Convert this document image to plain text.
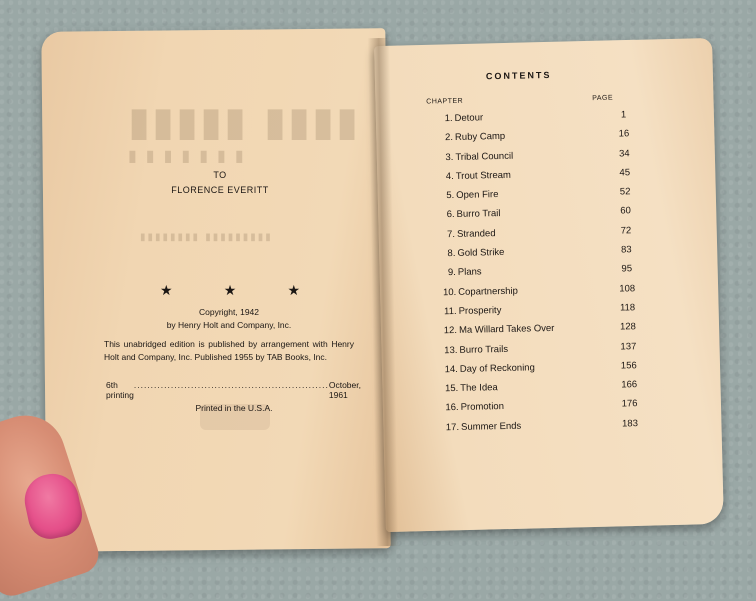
▮▮▮▮▮ ▮▮▮▮
▮▮▮▮▮▮▮
▮▮▮▮▮▮▮▮ ▮▮▮▮▮▮▮▮▮
TO
FLORENCE EVERITT
★	★	★
Copyright, 1942
by Henry Holt and Company, Inc.
This unabridged edition is published by arrangement with Henry Holt and Company, Inc. Published 1955 by TAB Books, Inc.
6th printing
.......................................................... October, 1961
Printed in the U.S.A.
CONTENTS
CHAPTER	PAGE
1. Detour	1
2. Ruby Camp	16
3. Tribal Council	34
4. Trout Stream	45
5. Open Fire	52
6. Burro Trail	60
7. Stranded	72
8. Gold Strike	83
9. Plans	95
10. Copartnership	108
11. Prosperity	118
12. Ma Willard Takes Over	128
13. Burro Trails	137
14. Day of Reckoning	156
15. The Idea	166
16. Promotion	176
17. Summer Ends	183
